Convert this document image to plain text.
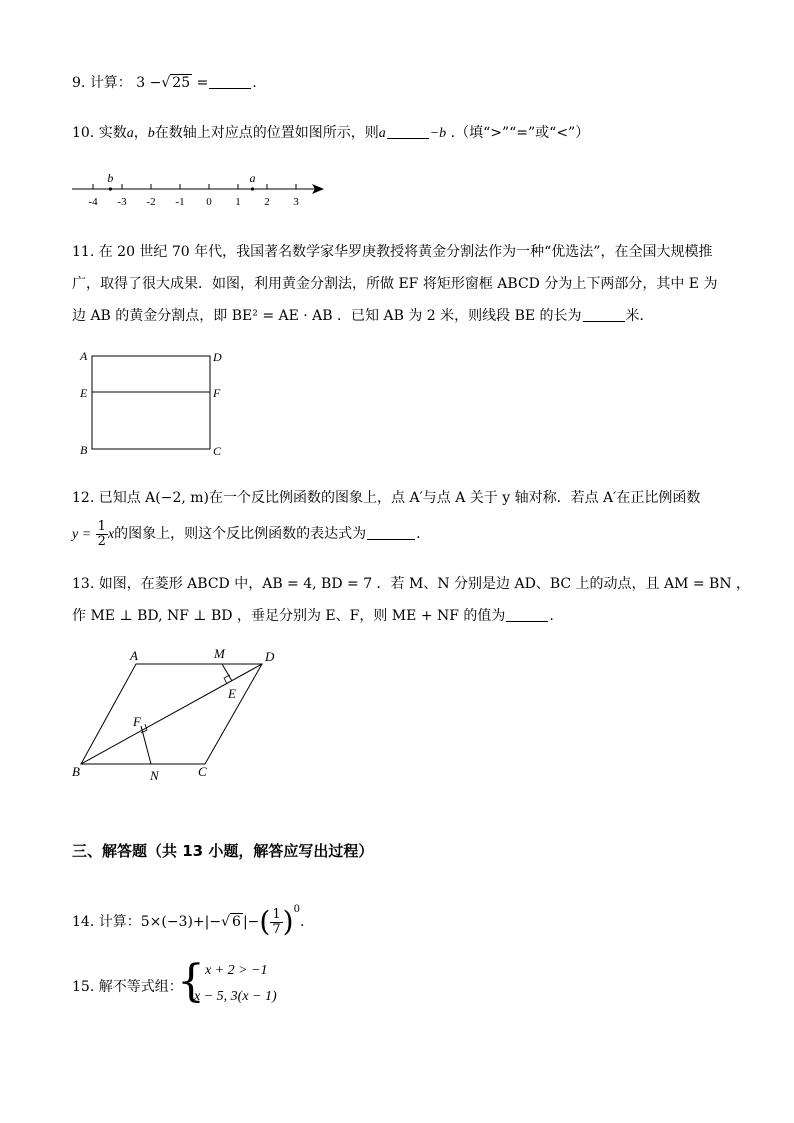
9. 计算： 3 −√ 25 =	.
10. 实数a，b在数轴上对应点的位置如图所示，则a	−b .（填“>”“=”或“<”）
-4 -3 -2 -1 0 1 2 3
b	a
11. 在 20 世纪 70 年代，我国著名数学家华罗庚教授将黄金分割法作为一种“优选法”，在全国大规模推
广，取得了很大成果．如图，利用黄金分割法，所做 EF 将矩形窗框 ABCD 分为上下两部分，其中 E 为
边 AB 的黄金分割点，即 BE² = AE · AB ．已知 AB 为 2 米，则线段 BE 的长为	米．
A	D
E	F
B	C
12. 已知点 A(−2, m)在一个反比例函数的图象上，点 A′与点 A 关于 y 轴对称．若点 A′在正比例函数
$y = \frac{1}{2}$ x的图象上，则这个反比例函数的表达式为	.
13. 如图，在菱形 ABCD 中，AB = 4, BD = 7 ．若 M、N 分别是边 AD、BC 上的动点，且 AM = BN ，
作 ME ⊥ BD, NF ⊥ BD ，垂足分别为 E、F，则 ME + NF 的值为	.
A	M	D
E
F
B	N	C
三、解答题（共 13 小题，解答应写出过程）
14. 计算：5×(−3)+|−√ 6 |−( $\frac{1}{7} )^0$.
15. 解不等式组：
{ x + 2 > −1
x − 5, 3(x − 1)
